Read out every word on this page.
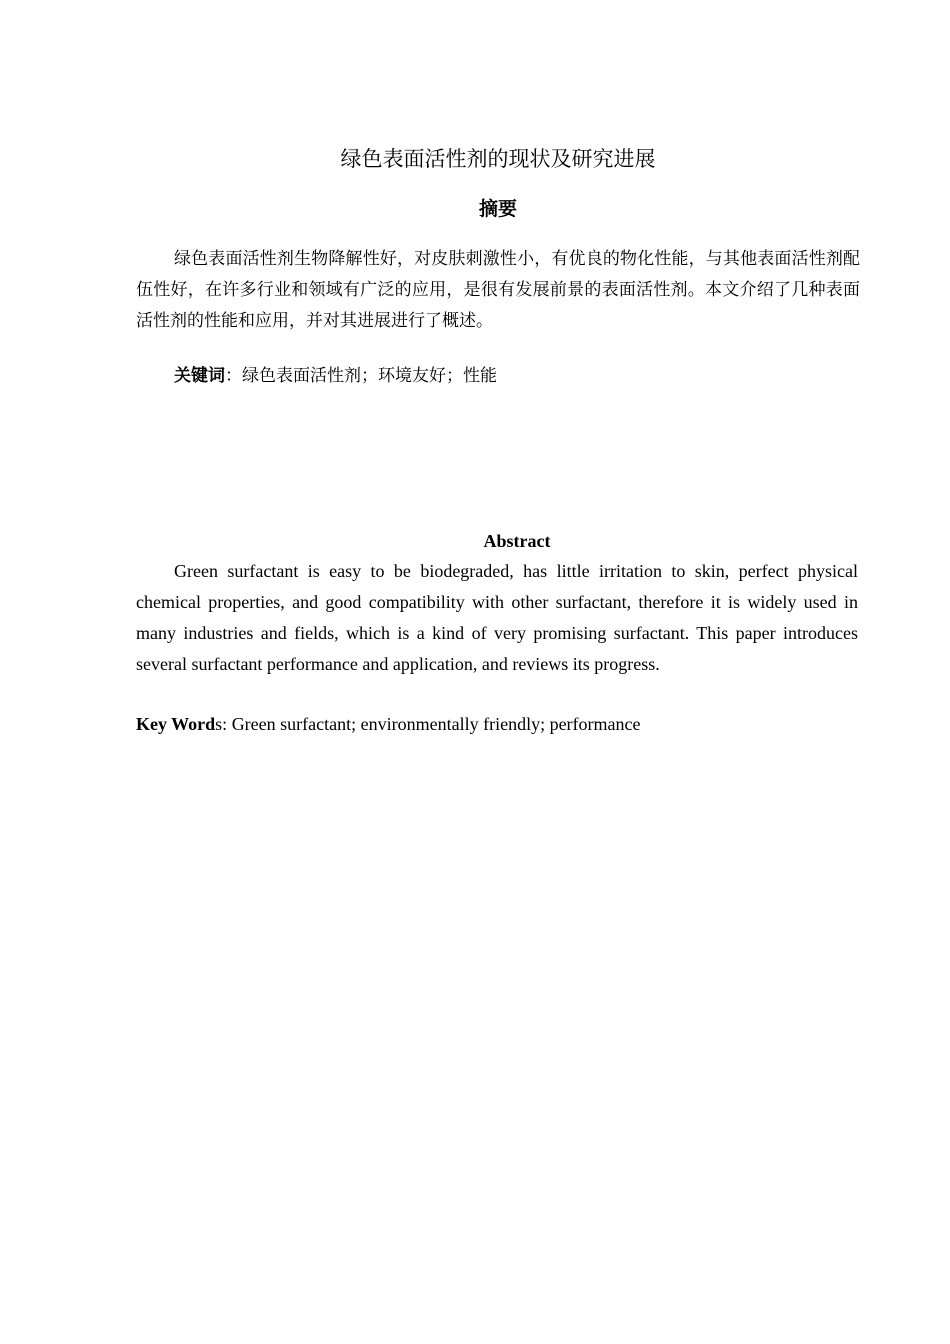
绿色表面活性剂的现状及研究进展
摘要

绿色表面活性剂生物降解性好，对皮肤刺激性小，有优良的物化性能，与其他表面活性剂配伍性好，在许多行业和领域有广泛的应用，是很有发展前景的表面活性剂。本文介绍了几种表面活性剂的性能和应用，并对其进展进行了概述。

关键词：绿色表面活性剂；环境友好；性能

Abstract

Green surfactant is easy to be biodegraded, has little irritation to skin, perfect physical chemical properties, and good compatibility with other surfactant, therefore it is widely used in many industries and fields, which is a kind of very promising surfactant. This paper introduces several surfactant performance and application, and reviews its progress.

Key Words: Green surfactant; environmentally friendly; performance
